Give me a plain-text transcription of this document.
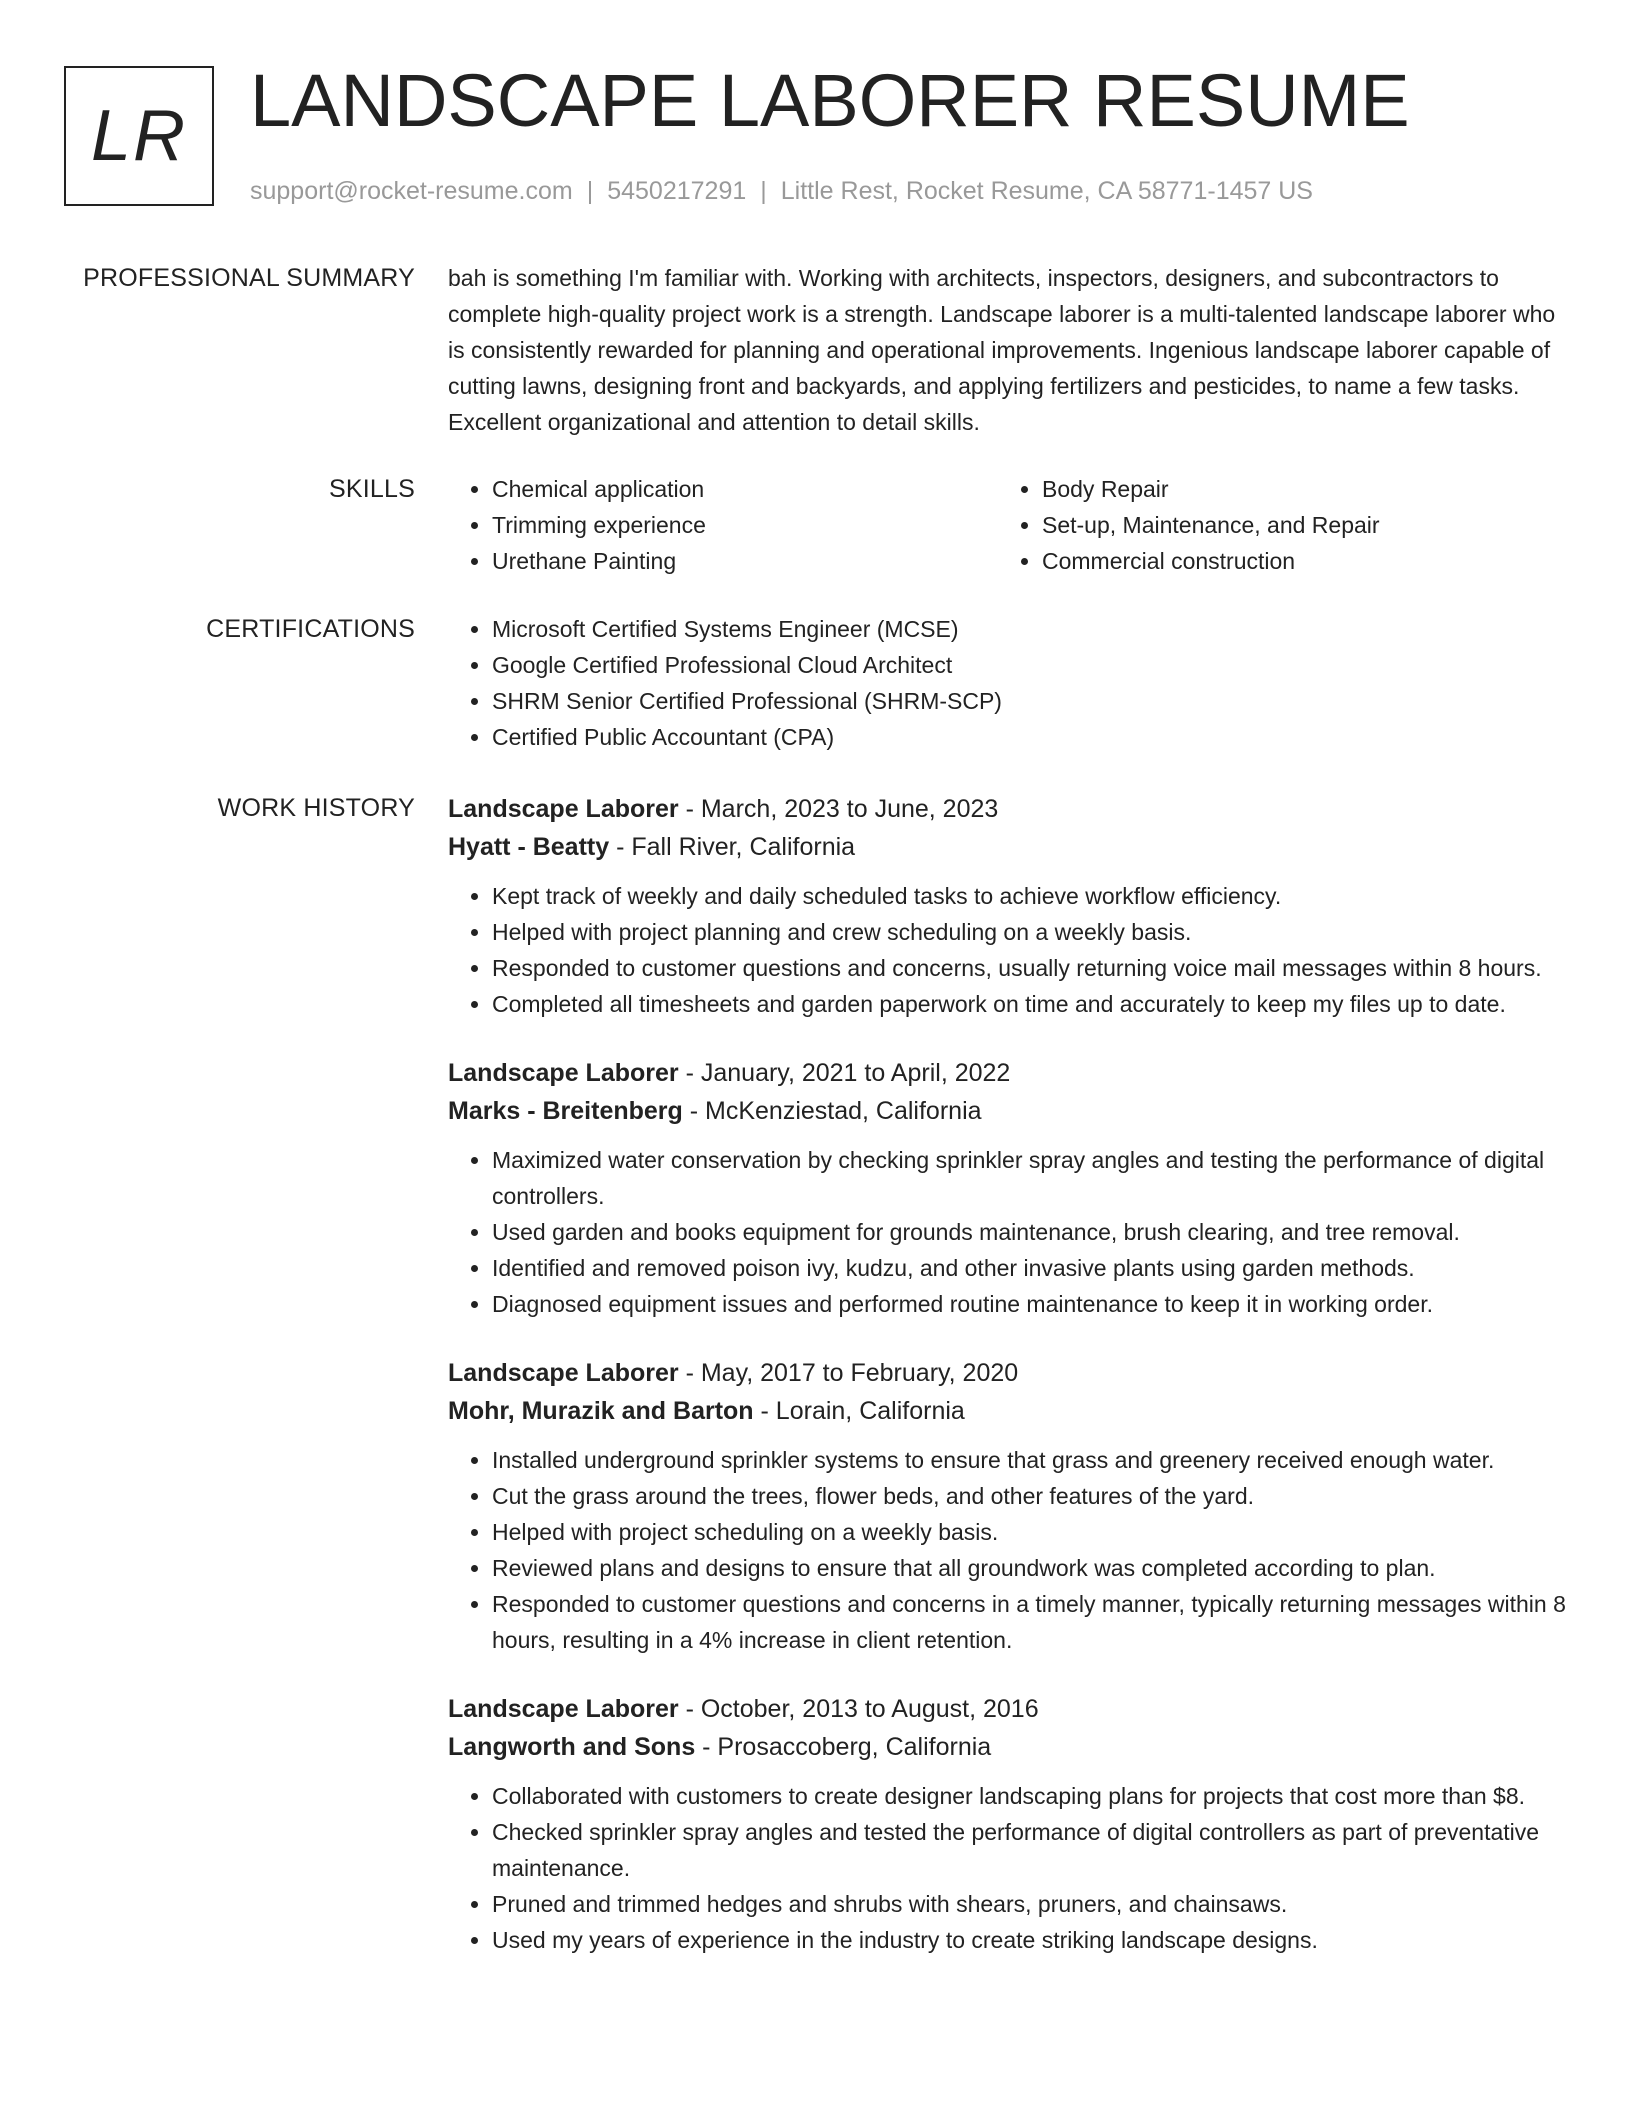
LR LANDSCAPE LABORER RESUME
support@rocket-resume.com | 5450217291 | Little Rest, Rocket Resume, CA 58771-1457 US
PROFESSIONAL SUMMARY bah is something I'm familiar with. Working with architects, inspectors, designers, and subcontractors to complete high-quality project work is a strength. Landscape laborer is a multi-talented landscape laborer who is consistently rewarded for planning and operational improvements. Ingenious landscape laborer capable of cutting lawns, designing front and backyards, and applying fertilizers and pesticides, to name a few tasks. Excellent organizational and attention to detail skills.

SKILLS	• Chemical application
• Trimming experience
• Urethane Painting
• Body Repair
• Set-up, Maintenance, and Repair
• Commercial construction
CERTIFICATIONS	• Microsoft Certified Systems Engineer (MCSE)
• Google Certified Professional Cloud Architect
• SHRM Senior Certified Professional (SHRM-SCP)
• Certified Public Accountant (CPA)
WORK HISTORY Landscape Laborer - March, 2023 to June, 2023
Hyatt - Beatty - Fall River, California
• Kept track of weekly and daily scheduled tasks to achieve workflow efficiency.
• Helped with project planning and crew scheduling on a weekly basis.
• Responded to customer questions and concerns, usually returning voice mail messages within 8 hours.
• Completed all timesheets and garden paperwork on time and accurately to keep my files up to date.
Landscape Laborer - January, 2021 to April, 2022
Marks - Breitenberg - McKenziestad, California
• Maximized water conservation by checking sprinkler spray angles and testing the performance of digital controllers.
• Used garden and books equipment for grounds maintenance, brush clearing, and tree removal.
• Identified and removed poison ivy, kudzu, and other invasive plants using garden methods.
• Diagnosed equipment issues and performed routine maintenance to keep it in working order.
Landscape Laborer - May, 2017 to February, 2020
Mohr, Murazik and Barton - Lorain, California
• Installed underground sprinkler systems to ensure that grass and greenery received enough water.
• Cut the grass around the trees, flower beds, and other features of the yard.
• Helped with project scheduling on a weekly basis.
• Reviewed plans and designs to ensure that all groundwork was completed according to plan.
• Responded to customer questions and concerns in a timely manner, typically returning messages within 8 hours, resulting in a 4% increase in client retention.
Landscape Laborer - October, 2013 to August, 2016
Langworth and Sons - Prosaccoberg, California
• Collaborated with customers to create designer landscaping plans for projects that cost more than $8.
• Checked sprinkler spray angles and tested the performance of digital controllers as part of preventative maintenance.
• Pruned and trimmed hedges and shrubs with shears, pruners, and chainsaws.
• Used my years of experience in the industry to create striking landscape designs.
